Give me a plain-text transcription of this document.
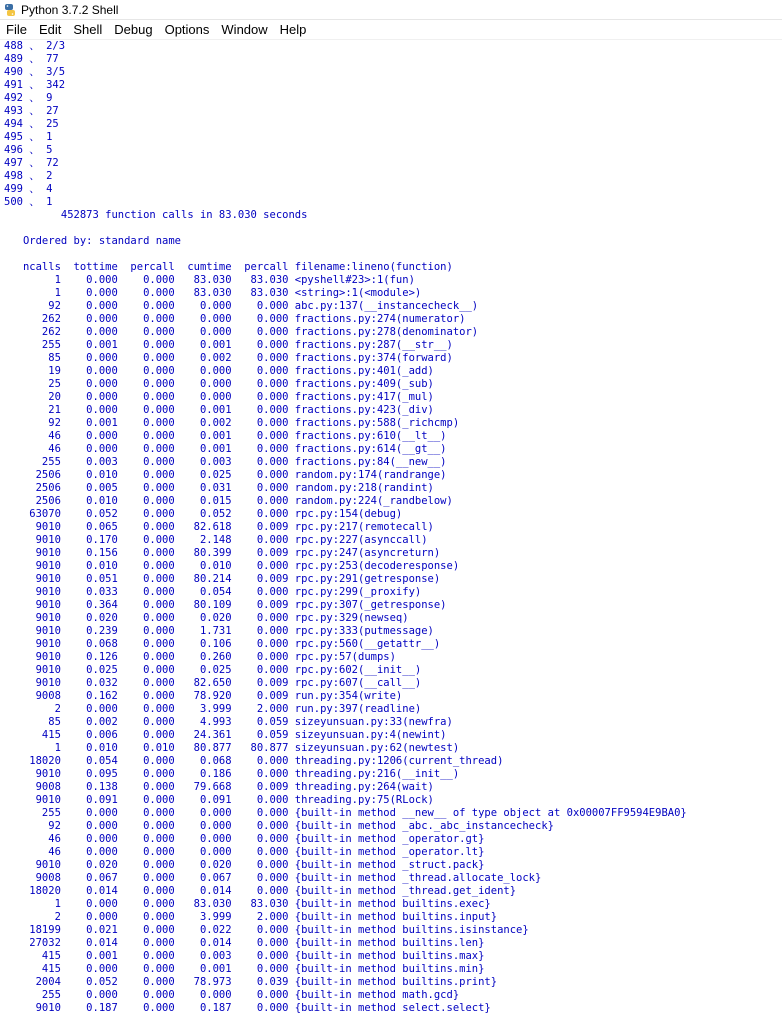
Python 3.7.2 Shell
File Edit Shell Debug Options Window Help
488 、 2/3
489 、 77
490 、 3/5
491 、 342
492 、 9
493 、 27
494 、 25
495 、 1
496 、 5
497 、 72
498 、 2
499 、 4
500 、 1
452873 function calls in 83.030 seconds
Ordered by: standard name
ncalls  tottime  percall  cumtime  percall filename:lineno(function)
1    0.000    0.000   83.030   83.030 <pyshell#23>:1(fun)
1    0.000    0.000   83.030   83.030 <string>:1(<module>)
92    0.000    0.000    0.000    0.000 abc.py:137(__instancecheck__)
262    0.000    0.000    0.000    0.000 fractions.py:274(numerator)
262    0.000    0.000    0.000    0.000 fractions.py:278(denominator)
255    0.001    0.000    0.001    0.000 fractions.py:287(__str__)
85    0.000    0.000    0.002    0.000 fractions.py:374(forward)
19    0.000    0.000    0.000    0.000 fractions.py:401(_add)
25    0.000    0.000    0.000    0.000 fractions.py:409(_sub)
20    0.000    0.000    0.000    0.000 fractions.py:417(_mul)
21    0.000    0.000    0.001    0.000 fractions.py:423(_div)
92    0.001    0.000    0.002    0.000 fractions.py:588(_richcmp)
46    0.000    0.000    0.001    0.000 fractions.py:610(__lt__)
46    0.000    0.000    0.001    0.000 fractions.py:614(__gt__)
255    0.003    0.000    0.003    0.000 fractions.py:84(__new__)
2506    0.010    0.000    0.025    0.000 random.py:174(randrange)
2506    0.005    0.000    0.031    0.000 random.py:218(randint)
2506    0.010    0.000    0.015    0.000 random.py:224(_randbelow)
63070    0.052    0.000    0.052    0.000 rpc.py:154(debug)
9010    0.065    0.000   82.618    0.009 rpc.py:217(remotecall)
9010    0.170    0.000    2.148    0.000 rpc.py:227(asynccall)
9010    0.156    0.000   80.399    0.009 rpc.py:247(asyncreturn)
9010    0.010    0.000    0.010    0.000 rpc.py:253(decoderesponse)
9010    0.051    0.000   80.214    0.009 rpc.py:291(getresponse)
9010    0.033    0.000    0.054    0.000 rpc.py:299(_proxify)
9010    0.364    0.000   80.109    0.009 rpc.py:307(_getresponse)
9010    0.020    0.000    0.020    0.000 rpc.py:329(newseq)
9010    0.239    0.000    1.731    0.000 rpc.py:333(putmessage)
9010    0.068    0.000    0.106    0.000 rpc.py:560(__getattr__)
9010    0.126    0.000    0.260    0.000 rpc.py:57(dumps)
9010    0.025    0.000    0.025    0.000 rpc.py:602(__init__)
9010    0.032    0.000   82.650    0.009 rpc.py:607(__call__)
9008    0.162    0.000   78.920    0.009 run.py:354(write)
2    0.000    0.000    3.999    2.000 run.py:397(readline)
85    0.002    0.000    4.993    0.059 sizeyunsuan.py:33(newfra)
415    0.006    0.000   24.361    0.059 sizeyunsuan.py:4(newint)
1    0.010    0.010   80.877   80.877 sizeyunsuan.py:62(newtest)
18020    0.054    0.000    0.068    0.000 threading.py:1206(current_thread)
9010    0.095    0.000    0.186    0.000 threading.py:216(__init__)
9008    0.138    0.000   79.668    0.009 threading.py:264(wait)
9010    0.091    0.000    0.091    0.000 threading.py:75(RLock)
255    0.000    0.000    0.000    0.000 {built-in method __new__ of type object at 0x00007FF9594E9BA0}
92    0.000    0.000    0.000    0.000 {built-in method _abc._abc_instancecheck}
46    0.000    0.000    0.000    0.000 {built-in method _operator.gt}
46    0.000    0.000    0.000    0.000 {built-in method _operator.lt}
9010    0.020    0.000    0.020    0.000 {built-in method _struct.pack}
9008    0.067    0.000    0.067    0.000 {built-in method _thread.allocate_lock}
18020    0.014    0.000    0.014    0.000 {built-in method _thread.get_ident}
1    0.000    0.000   83.030   83.030 {built-in method builtins.exec}
2    0.000    0.000    3.999    2.000 {built-in method builtins.input}
18199    0.021    0.000    0.022    0.000 {built-in method builtins.isinstance}
27032    0.014    0.000    0.014    0.000 {built-in method builtins.len}
415    0.001    0.000    0.003    0.000 {built-in method builtins.max}
415    0.000    0.000    0.001    0.000 {built-in method builtins.min}
2004    0.052    0.000   78.973    0.039 {built-in method builtins.print}
255    0.000    0.000    0.000    0.000 {built-in method math.gcd}
9010    0.187    0.000    0.187    0.000 {built-in method select.select}
